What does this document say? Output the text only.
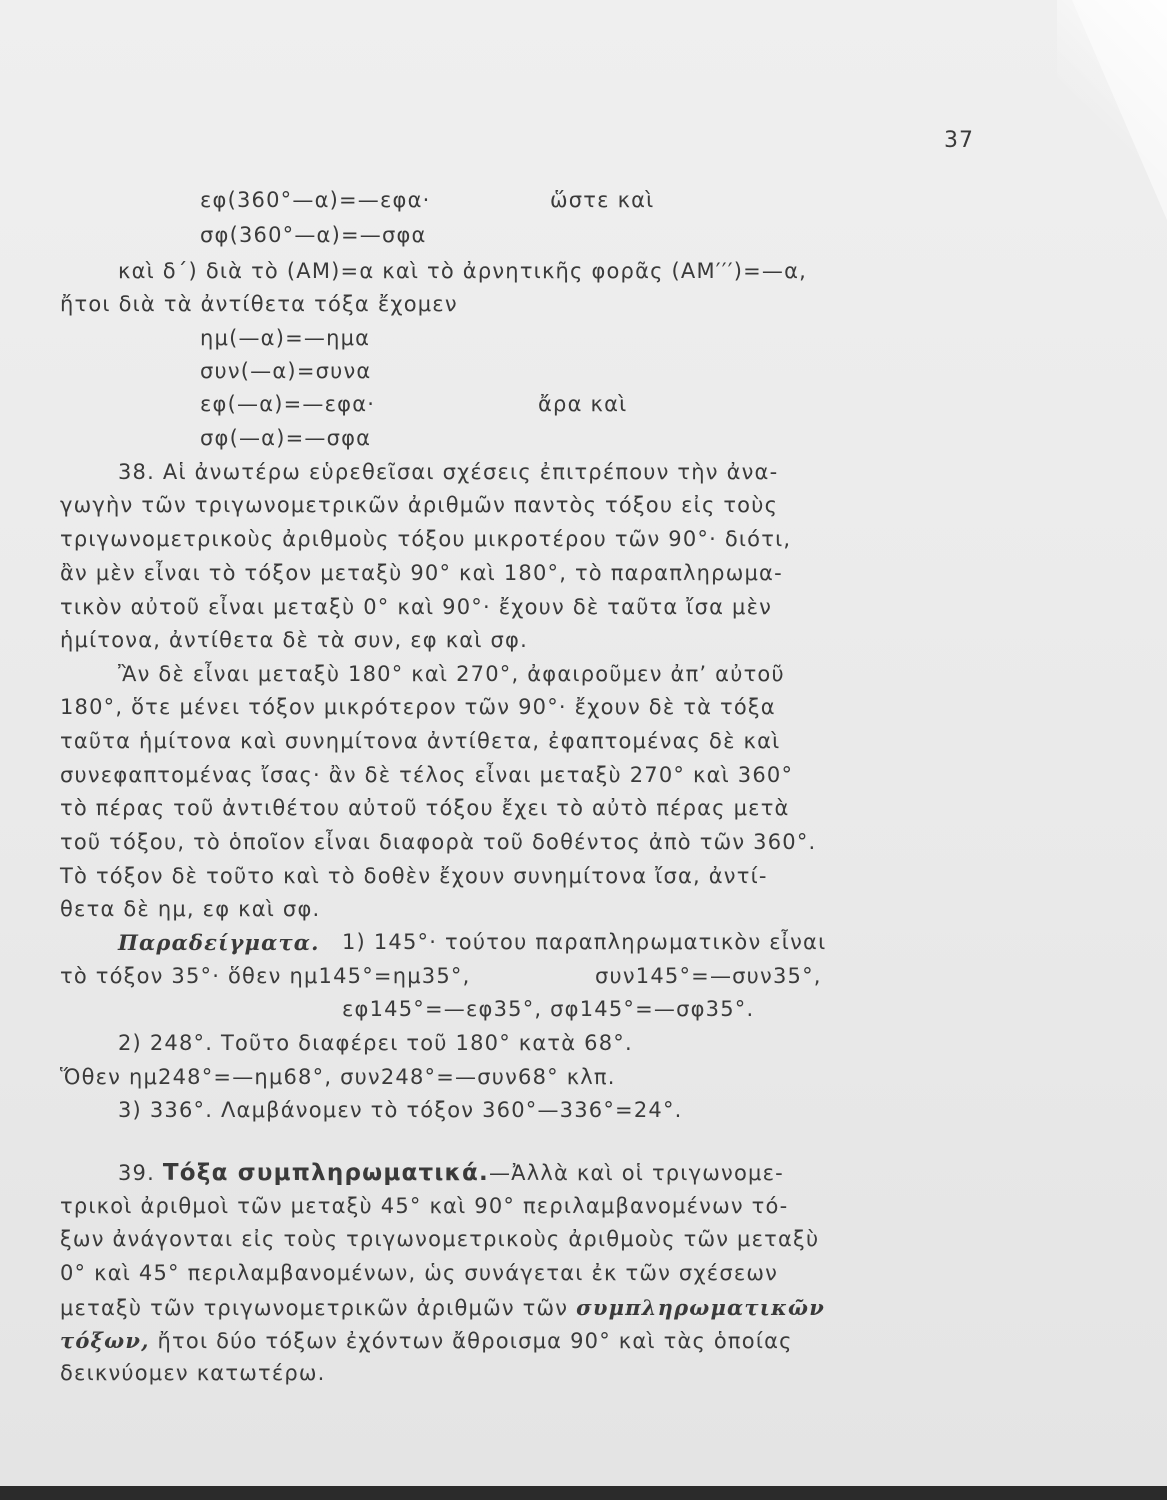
37
εφ(360°—α)=—εφα·	ὥστε καὶ
σφ(360°—α)=—σφα
καὶ δ΄) διὰ τὸ (AM)=α καὶ τὸ ἀρνητικῆς φορᾶς (AM′′′)=—α,
ἤτοι διὰ τὰ ἀντίθετα τόξα ἔχομεν
ημ(—α)=—ημα
συν(—α)=συνα
εφ(—α)=—εφα·	ἄρα καὶ
σφ(—α)=—σφα
38. Αἱ ἀνωτέρω εὑρεθεῖσαι σχέσεις ἐπιτρέπουν τὴν ἀνα-
γωγὴν τῶν τριγωνομετρικῶν ἀριθμῶν παντὸς τόξου εἰς τοὺς
τριγωνομετρικοὺς ἀριθμοὺς τόξου μικροτέρου τῶν 90°· διότι,
ἂν μὲν εἶναι τὸ τόξον μεταξὺ 90° καὶ 180°, τὸ παραπληρωμα-
τικὸν αὐτοῦ εἶναι μεταξὺ 0° καὶ 90°· ἔχουν δὲ ταῦτα ἴσα μὲν
ἡμίτονα, ἀντίθετα δὲ τὰ συν, εφ καὶ σφ.
Ἂν δὲ εἶναι μεταξὺ 180° καὶ 270°, ἀφαιροῦμεν ἀπ’ αὐτοῦ
180°, ὅτε μένει τόξον μικρότερον τῶν 90°· ἔχουν δὲ τὰ τόξα
ταῦτα ἡμίτονα καὶ συνημίτονα ἀντίθετα, ἐφαπτομένας δὲ καὶ
συνεφαπτομένας ἴσας· ἂν δὲ τέλος εἶναι μεταξὺ 270° καὶ 360°
τὸ πέρας τοῦ ἀντιθέτου αὐτοῦ τόξου ἔχει τὸ αὐτὸ πέρας μετὰ
τοῦ τόξου, τὸ ὁποῖον εἶναι διαφορὰ τοῦ δοθέντος ἀπὸ τῶν 360°.
Τὸ τόξον δὲ τοῦτο καὶ τὸ δοθὲν ἔχουν συνημίτονα ἴσα, ἀντί-
θετα δὲ ημ, εφ καὶ σφ.
Παραδείγματα. 1) 145°· τούτου παραπληρωματικὸν εἶναι
τὸ τόξον 35°· ὅθεν ημ145°=ημ35°,	συν145°=—συν35°,
εφ145°=—εφ35°, σφ145°=—σφ35°.
2) 248°. Τοῦτο διαφέρει τοῦ 180° κατὰ 68°.
Ὅθεν ημ248°=—ημ68°, συν248°=—συν68° κλπ.
3) 336°. Λαμβάνομεν τὸ τόξον 360°—336°=24°.
39. Τόξα συμπληρωματικά.—Ἀλλὰ καὶ οἱ τριγωνομε-
τρικοὶ ἀριθμοὶ τῶν μεταξὺ 45° καὶ 90° περιλαμβανομένων τό-
ξων ἀνάγονται εἰς τοὺς τριγωνομετρικοὺς ἀριθμοὺς τῶν μεταξὺ
0° καὶ 45° περιλαμβανομένων, ὡς συνάγεται ἐκ τῶν σχέσεων
μεταξὺ τῶν τριγωνομετρικῶν ἀριθμῶν τῶν συμπληρωματικῶν
τόξων, ἤτοι δύο τόξων ἐχόντων ἄθροισμα 90° καὶ τὰς ὁποίας
δεικνύομεν κατωτέρω.
